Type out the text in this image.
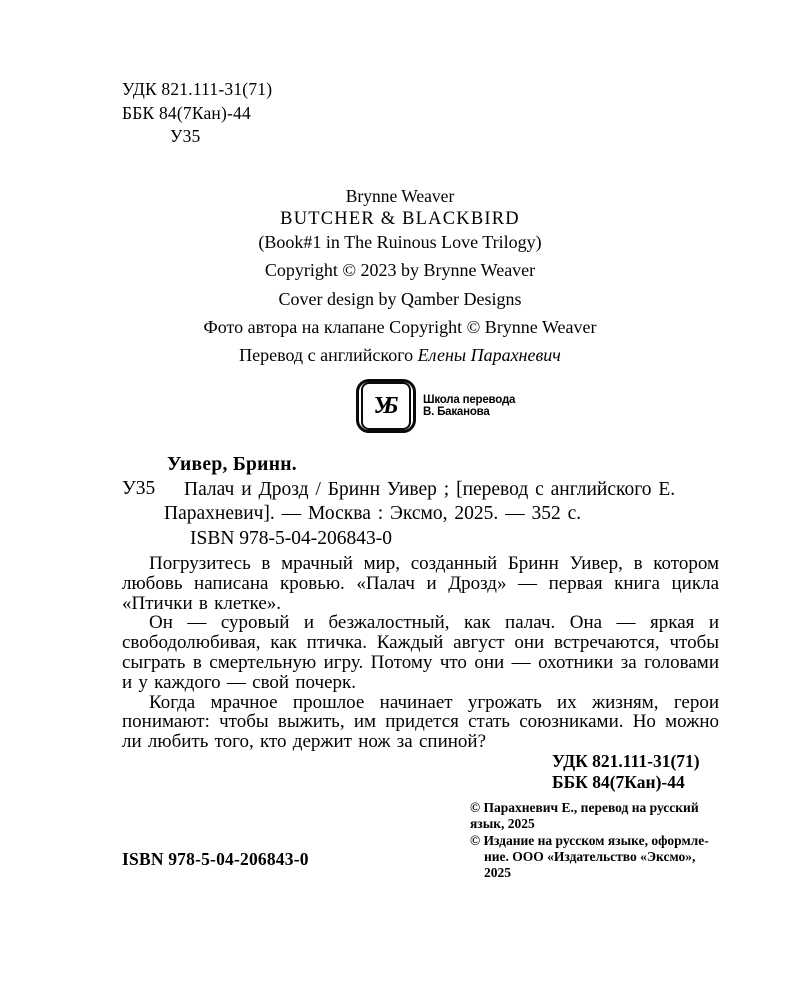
УДК 821.111-31(71)
ББК 84(7Кан)-44
У35
Brynne Weaver
BUTCHER & BLACKBIRD
(Book#1 in The Ruinous Love Trilogy)
Copyright © 2023 by Brynne Weaver
Cover design by Qamber Designs
Фото автора на клапане Copyright © Brynne Weaver
Перевод с английского Елены Парахневич
УБ	Школа перевода
В. Баканова
Уивер, Бринн.
У35	Палач и Дрозд / Бринн Уивер ; [перевод с английского Е. Парахневич]. — Москва : Эксмо, 2025. — 352 с.
ISBN 978-5-04-206843-0

Погрузитесь в мрачный мир, созданный Бринн Уивер, в котором любовь написана кровью. «Палач и Дрозд» — первая книга цикла «Птички в клетке».

Он — суровый и безжалостный, как палач. Она — яркая и свободолюбивая, как птичка. Каждый август они встречаются, чтобы сыграть в смертельную игру. Потому что они — охотники за головами и у каждого — свой почерк.

Когда мрачное прошлое начинает угрожать их жизням, герои понимают: чтобы выжить, им придется стать союзниками. Но можно ли любить того, кто держит нож за спиной?

УДК 821.111-31(71)
ББК 84(7Кан)-44
© Парахневич Е., перевод на русский язык, 2025
© Издание на русском языке, оформление. ООО «Издательство «Эксмо», 2025
ISBN 978-5-04-206843-0
